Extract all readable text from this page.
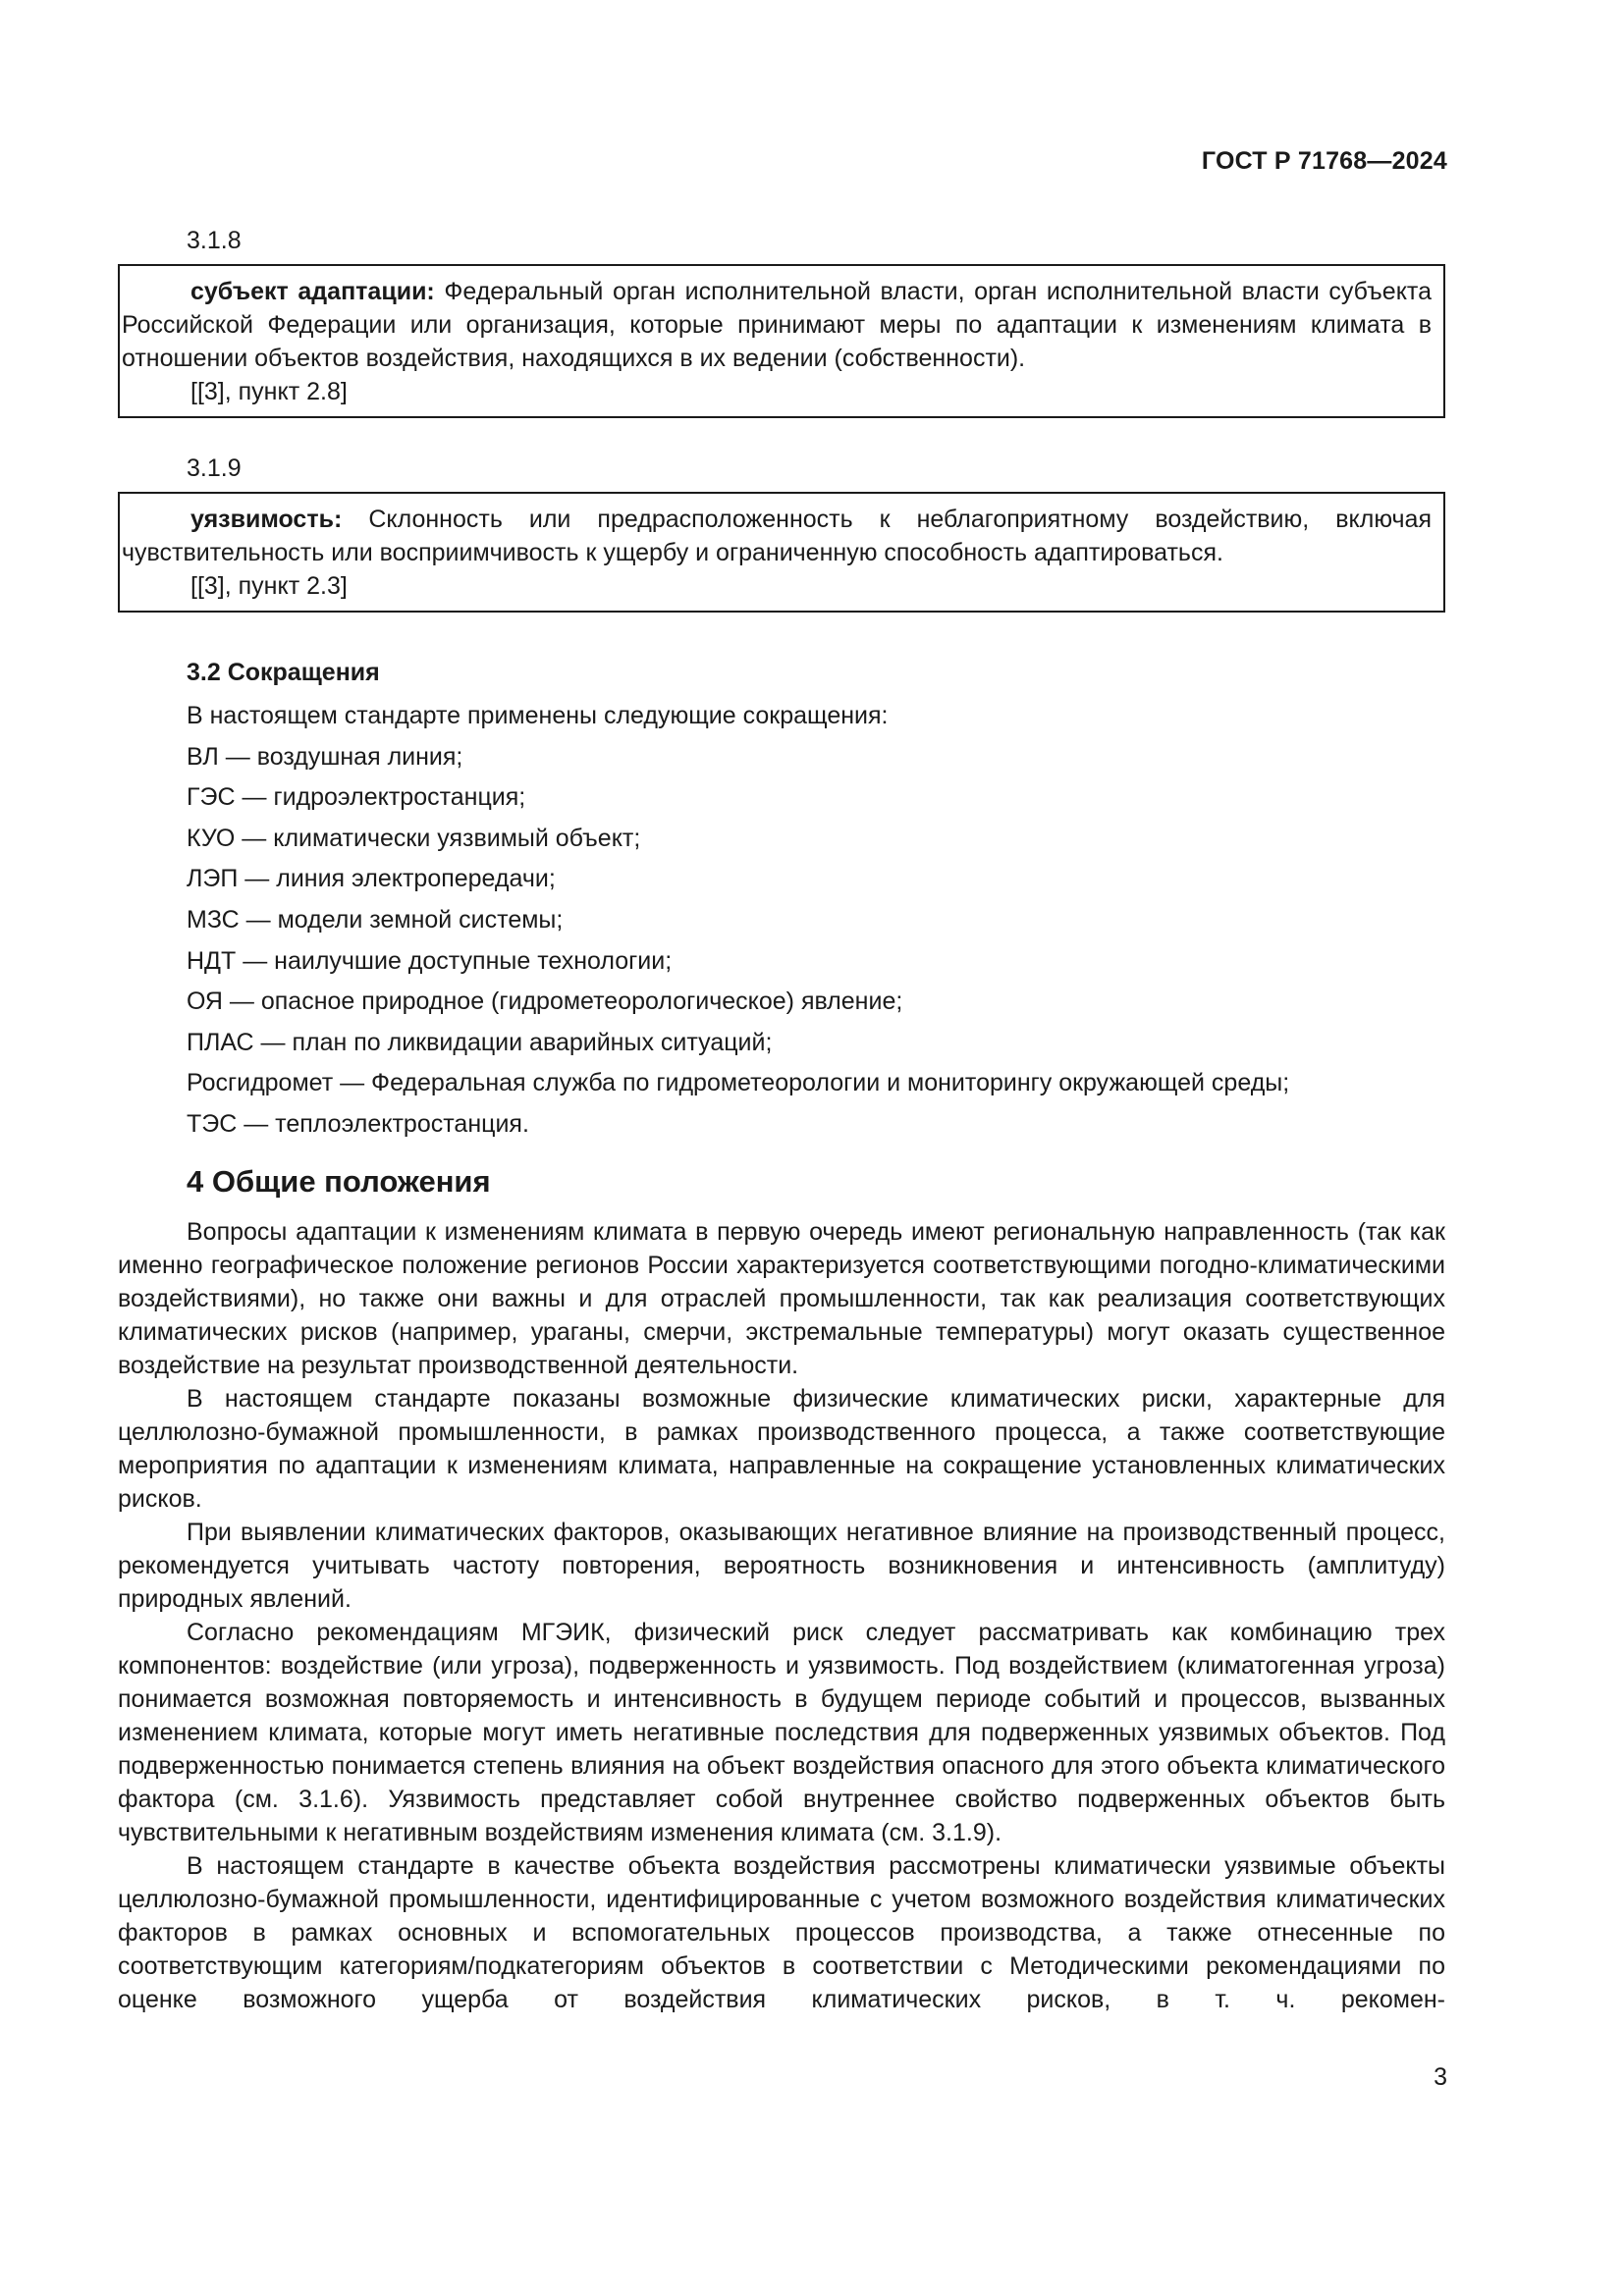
ГОСТ Р 71768—2024
3.1.8

субъект адаптации: Федеральный орган исполнительной власти, орган исполнительной власти субъекта Российской Федерации или организация, которые принимают меры по адаптации к изменениям климата в отношении объектов воздействия, находящихся в их ведении (собственности).

[[3], пункт 2.8]

3.1.9

уязвимость: Склонность или предрасположенность к неблагоприятному воздействию, включая чувствительность или восприимчивость к ущербу и ограниченную способность адаптироваться.

[[3], пункт 2.3]

3.2 Сокращения
В настоящем стандарте применены следующие сокращения:
ВЛ — воздушная линия;
ГЭС — гидроэлектростанция;
КУО — климатически уязвимый объект;
ЛЭП — линия электропередачи;
МЗС — модели земной системы;
НДТ — наилучшие доступные технологии;
ОЯ — опасное природное (гидрометеорологическое) явление;
ПЛАС — план по ликвидации аварийных ситуаций;
Росгидромет — Федеральная служба по гидрометеорологии и мониторингу окружающей среды;
ТЭС — теплоэлектростанция.
4 Общие положения

Вопросы адаптации к изменениям климата в первую очередь имеют региональную направленность (так как именно географическое положение регионов России характеризуется соответствующими погодно-климатическими воздействиями), но также они важны и для отраслей промышленности, так как реализация соответствующих климатических рисков (например, ураганы, смерчи, экстремальные температуры) могут оказать существенное воздействие на результат производственной деятельности.

В настоящем стандарте показаны возможные физические климатических риски, характерные для целлюлозно-бумажной промышленности, в рамках производственного процесса, а также соответствующие мероприятия по адаптации к изменениям климата, направленные на сокращение установленных климатических рисков.

При выявлении климатических факторов, оказывающих негативное влияние на производственный процесс, рекомендуется учитывать частоту повторения, вероятность возникновения и интенсивность (амплитуду) природных явлений.

Согласно рекомендациям МГЭИК, физический риск следует рассматривать как комбинацию трех компонентов: воздействие (или угроза), подверженность и уязвимость. Под воздействием (климатогенная угроза) понимается возможная повторяемость и интенсивность в будущем периоде событий и процессов, вызванных изменением климата, которые могут иметь негативные последствия для подверженных уязвимых объектов. Под подверженностью понимается степень влияния на объект воздействия опасного для этого объекта климатического фактора (см. 3.1.6). Уязвимость представляет собой внутреннее свойство подверженных объектов быть чувствительными к негативным воздействиям изменения климата (см. 3.1.9).

В настоящем стандарте в качестве объекта воздействия рассмотрены климатически уязвимые объекты целлюлозно-бумажной промышленности, идентифицированные с учетом возможного воздействия климатических факторов в рамках основных и вспомогательных процессов производства, а также отнесенные по соответствующим категориям/подкатегориям объектов в соответствии с Методическими рекомендациями по оценке возможного ущерба от воздействия климатических рисков, в т. ч. рекомен-

3
